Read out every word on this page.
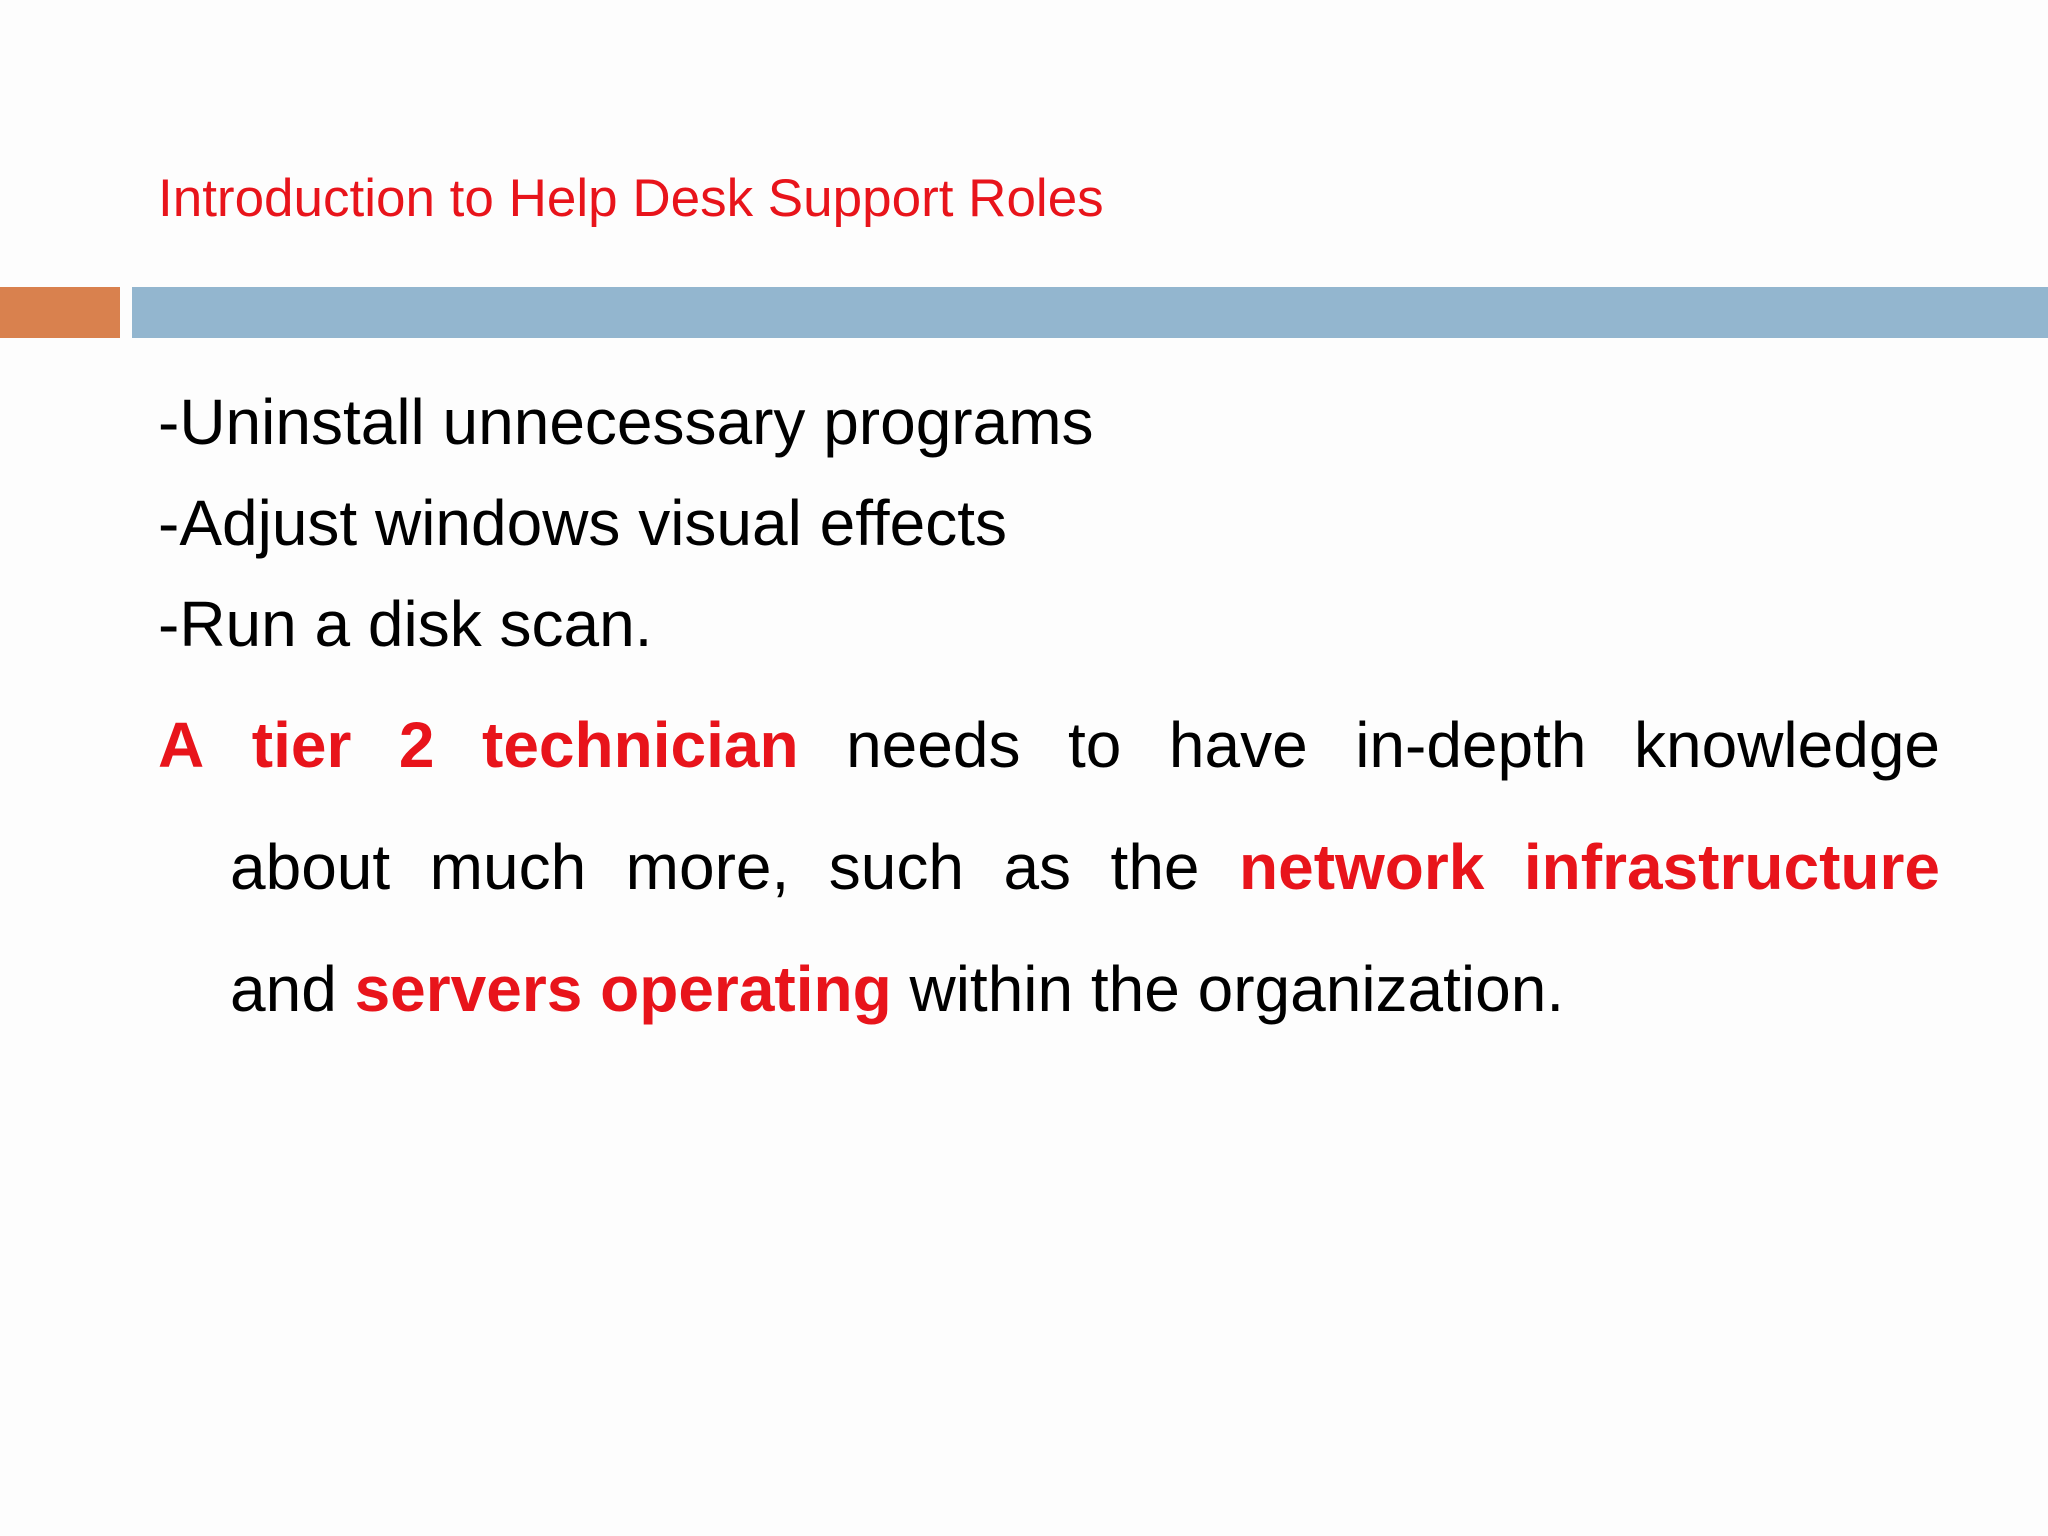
Introduction to Help Desk Support Roles
-Uninstall unnecessary programs
-Adjust windows visual effects
-Run a disk scan.
A tier 2 technician needs to have in-depth knowledge
about much more, such as the network infrastructure
and servers operating within the organization.
